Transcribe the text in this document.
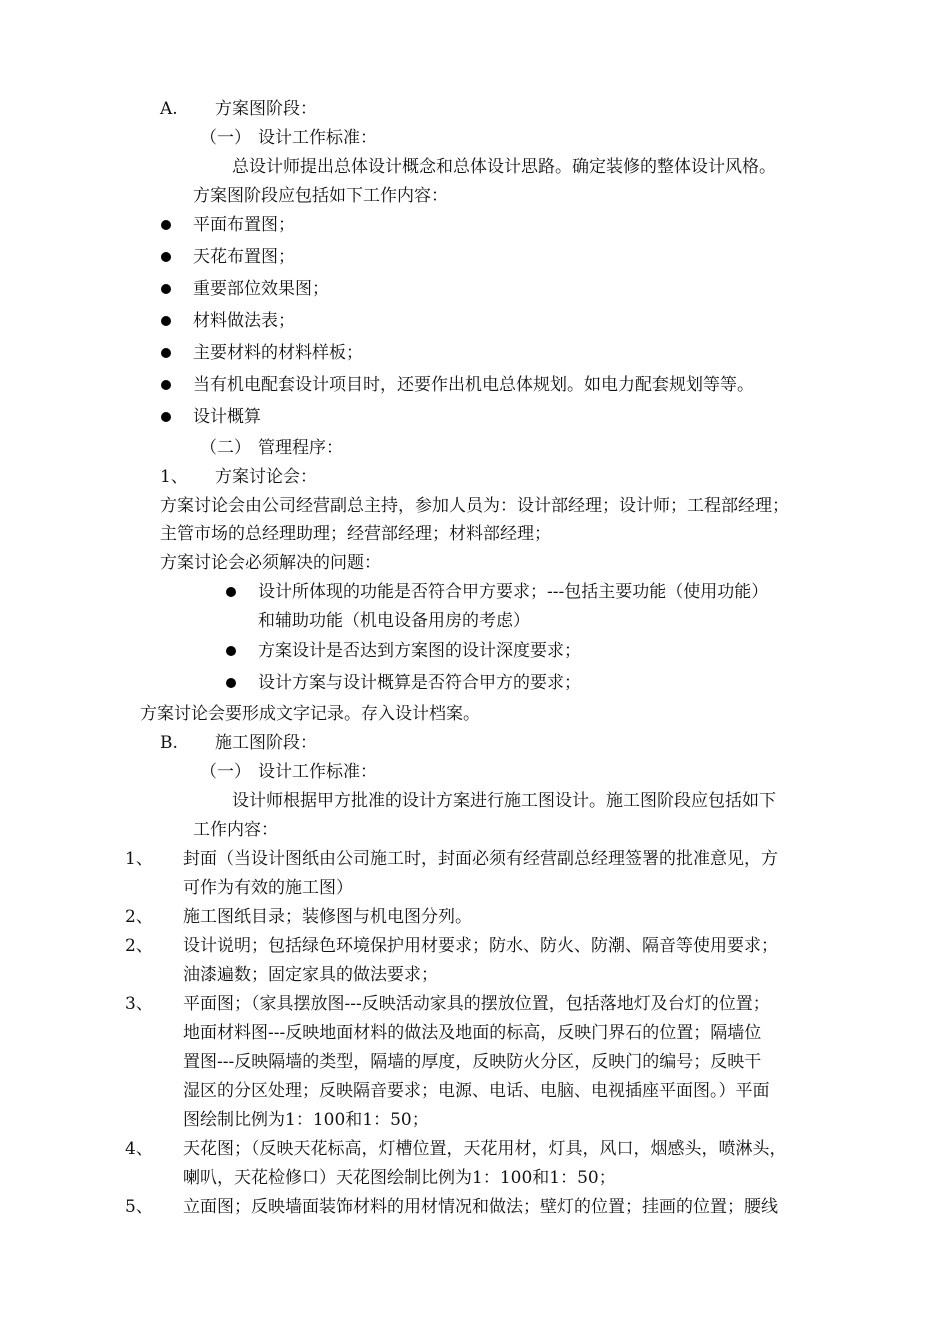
A. 方案图阶段：
（一） 设计工作标准：
总设计师提出总体设计概念和总体设计思路。确定装修的整体设计风格。
方案图阶段应包括如下工作内容：
平面布置图；
天花布置图；
重要部位效果图；
材料做法表；
主要材料的材料样板；
当有机电配套设计项目时，还要作出机电总体规划。如电力配套规划等等。
设计概算
（二） 管理程序：
1、 方案讨论会：
方案讨论会由公司经营副总主持，参加人员为：设计部经理；设计师；工程部经理；
主管市场的总经理助理；经营部经理；材料部经理；
方案讨论会必须解决的问题：
设计所体现的功能是否符合甲方要求；---包括主要功能（使用功能）
和辅助功能（机电设备用房的考虑）
方案设计是否达到方案图的设计深度要求；
设计方案与设计概算是否符合甲方的要求；
方案讨论会要形成文字记录。存入设计档案。
B. 施工图阶段：
（一） 设计工作标准：
设计师根据甲方批准的设计方案进行施工图设计。施工图阶段应包括如下
工作内容：
1、 封面（当设计图纸由公司施工时，封面必须有经营副总经理签署的批准意见，方
可作为有效的施工图）
2、 施工图纸目录；装修图与机电图分列。
2、 设计说明；包括绿色环境保护用材要求；防水、防火、防潮、隔音等使用要求；
油漆遍数；固定家具的做法要求；
3、 平面图；（家具摆放图---反映活动家具的摆放位置，包括落地灯及台灯的位置；
地面材料图---反映地面材料的做法及地面的标高，反映门界石的位置；隔墙位
置图---反映隔墙的类型，隔墙的厚度，反映防火分区，反映门的编号；反映干
湿区的分区处理；反映隔音要求；电源、电话、电脑、电视插座平面图。）平面
图绘制比例为1：100和1：50；
4、 天花图；（反映天花标高，灯槽位置，天花用材，灯具，风口，烟感头，喷淋头，
喇叭，天花检修口）天花图绘制比例为1：100和1：50；
5、 立面图；反映墙面装饰材料的用材情况和做法；壁灯的位置；挂画的位置；腰线
